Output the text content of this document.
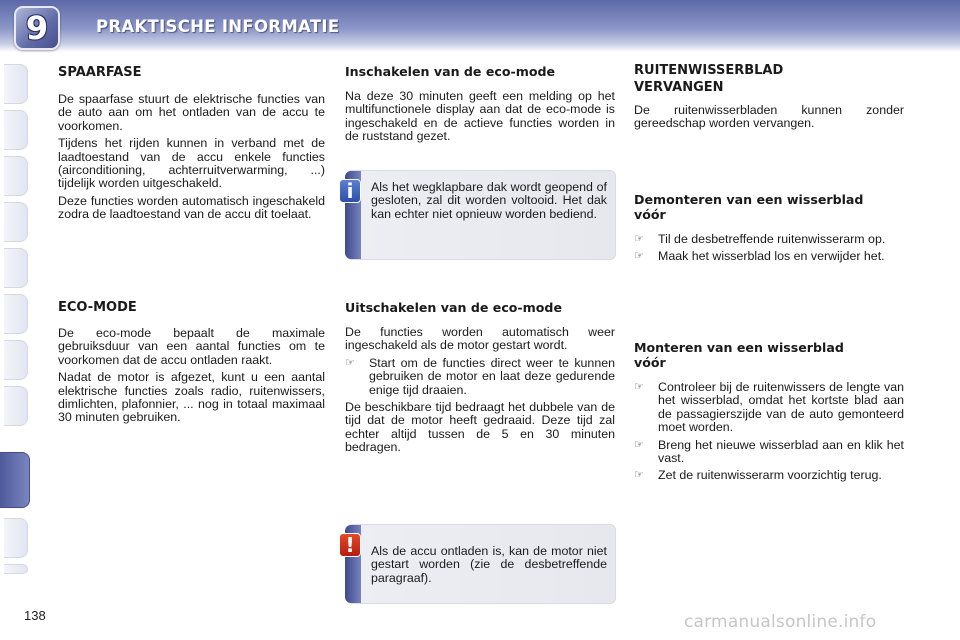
9	PRAKTISCHE INFORMATIE
SPAARFASE

De spaarfase stuurt de elektrische functies van de auto aan om het ontladen van de accu te voorkomen.

Tijdens het rijden kunnen in verband met de laadtoestand van de accu enkele functies (airconditioning, achterruitverwarming, ...) tijdelijk worden uitgeschakeld.

Deze functies worden automatisch ingeschakeld zodra de laadtoestand van de accu dit toelaat.

ECO-MODE

De eco-mode bepaalt de maximale gebruiksduur van een aantal functies om te voorkomen dat de accu ontladen raakt.

Nadat de motor is afgezet, kunt u een aantal elektrische functies zoals radio, ruitenwissers, dimlichten, plafonnier, ... nog in totaal maximaal 30 minuten gebruiken.

Inschakelen van de eco-mode

Na deze 30 minuten geeft een melding op het multifunctionele display aan dat de eco-mode is ingeschakeld en de actieve functies worden in de ruststand gezet.

i	Als het wegklapbare dak wordt geopend of gesloten, zal dit worden voltooid. Het dak kan echter niet opnieuw worden bediend.
Uitschakelen van de eco-mode

De functies worden automatisch weer ingeschakeld als de motor gestart wordt.

☞ Start om de functies direct weer te kunnen gebruiken de motor en laat deze gedurende enige tijd draaien.

De beschikbare tijd bedraagt het dubbele van de tijd dat de motor heeft gedraaid. Deze tijd zal echter altijd tussen de 5 en 30 minuten bedragen.

!	Als de accu ontladen is, kan de motor niet gestart worden (zie de desbetreffende paragraaf).
RUITENWISSERBLAD
VERVANGEN

De ruitenwisserbladen kunnen zonder gereedschap worden vervangen.

Demonteren van een wisserblad
vóór
☞ Til de desbetreffende ruitenwisserarm op.
☞ Maak het wisserblad los en verwijder het.
Monteren van een wisserblad
vóór
☞ Controleer bij de ruitenwissers de lengte van het wisserblad, omdat het kortste blad aan de passagierszijde van de auto gemonteerd moet worden.
☞ Breng het nieuwe wisserblad aan en klik het vast.
☞ Zet de ruitenwisserarm voorzichtig terug.
138	carmanualsonline.info
